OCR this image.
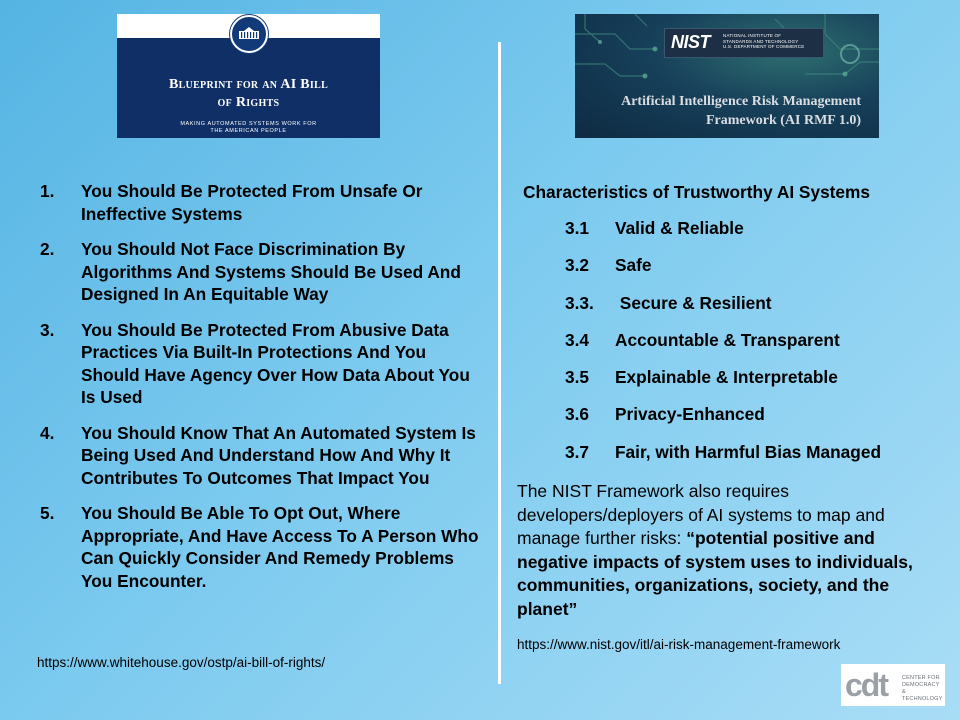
Blueprint for an AI Bill
of Rights
MAKING AUTOMATED SYSTEMS WORK FOR
THE AMERICAN PEOPLE
NIST	NATIONAL INSTITUTE OF
STANDARDS AND TECHNOLOGY
U.S. DEPARTMENT OF COMMERCE
Artificial Intelligence Risk Management
Framework (AI RMF 1.0)
1.	You Should Be Protected From Unsafe Or Ineffective Systems
2.	You Should Not Face Discrimination By Algorithms And Systems Should Be Used And Designed In An Equitable Way
3.	You Should Be Protected From Abusive Data Practices Via Built-In Protections And You Should Have Agency Over How Data About You Is Used
4.	You Should Know That An Automated System Is Being Used And Understand How And Why It Contributes To Outcomes That Impact You
5.	You Should Be Able To Opt Out, Where Appropriate, And Have Access To A Person Who Can Quickly Consider And Remedy Problems You Encounter.
https://www.whitehouse.gov/ostp/ai-bill-of-rights/
Characteristics of Trustworthy AI Systems
3.1 Valid & Reliable
3.2 Safe
3.3. Secure & Resilient
3.4 Accountable & Transparent
3.5 Explainable & Interpretable
3.6 Privacy-Enhanced
3.7 Fair, with Harmful Bias Managed
The NIST Framework also requires developers/deployers of AI systems to map and manage further risks: “potential positive and negative impacts of system uses to individuals, communities, organizations, society, and the planet”
https://www.nist.gov/itl/ai-risk-management-framework
cdt	CENTER FOR
DEMOCRACY
& TECHNOLOGY
